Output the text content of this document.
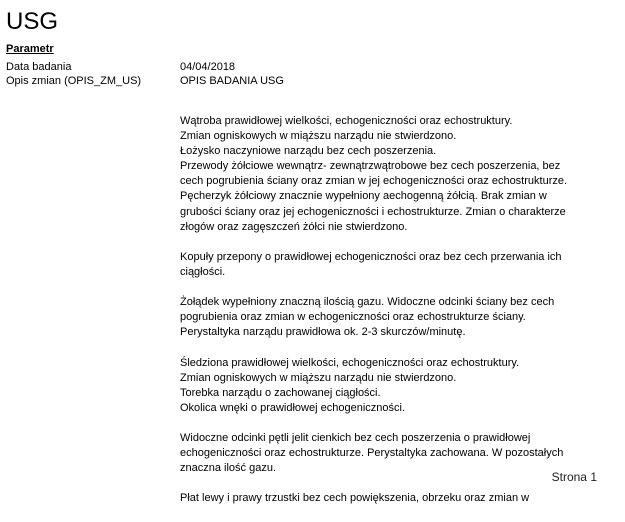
USG
Parametr
Data badania	04/04/2018
Opis zmian (OPIS_ZM_US)	OPIS BADANIA USG
Wątroba prawidłowej wielkości, echogeniczności oraz echostruktury.
Zmian ogniskowych w miąższu narządu nie stwierdzono.
Łożysko naczyniowe narządu bez cech poszerzenia.
Przewody żółciowe wewnątrz- zewnątrzwątrobowe bez cech poszerzenia, bez
cech pogrubienia ściany oraz zmian w jej echogeniczności oraz echostrukturze.
Pęcherzyk żółciowy znacznie wypełniony aechogenną żółcią. Brak zmian w
grubości ściany oraz jej echogeniczności i echostrukturze. Zmian o charakterze
złogów oraz zagęszczeń żółci nie stwierdzono.
Kopuły przepony o prawidłowej echogeniczności oraz bez cech przerwania ich
ciągłości.
Żołądek wypełniony znaczną ilością gazu. Widoczne odcinki ściany bez cech
pogrubienia oraz zmian w echogeniczności oraz echostrukturze ściany.
Perystaltyka narządu prawidłowa ok. 2-3 skurczów/minutę.
Śledziona prawidłowej wielkości, echogeniczności oraz echostruktury.
Zmian ogniskowych w miąższu narządu nie stwierdzono.
Torebka narządu o zachowanej ciągłości.
Okolica wnęki o prawidłowej echogeniczności.
Widoczne odcinki pętli jelit cienkich bez cech poszerzenia o prawidłowej
echogeniczności oraz echostrukturze. Perystaltyka zachowana. W pozostałych
znaczna ilość gazu.
Płat lewy i prawy trzustki bez cech powiększenia, obrzeku oraz zmian w
Strona 1
